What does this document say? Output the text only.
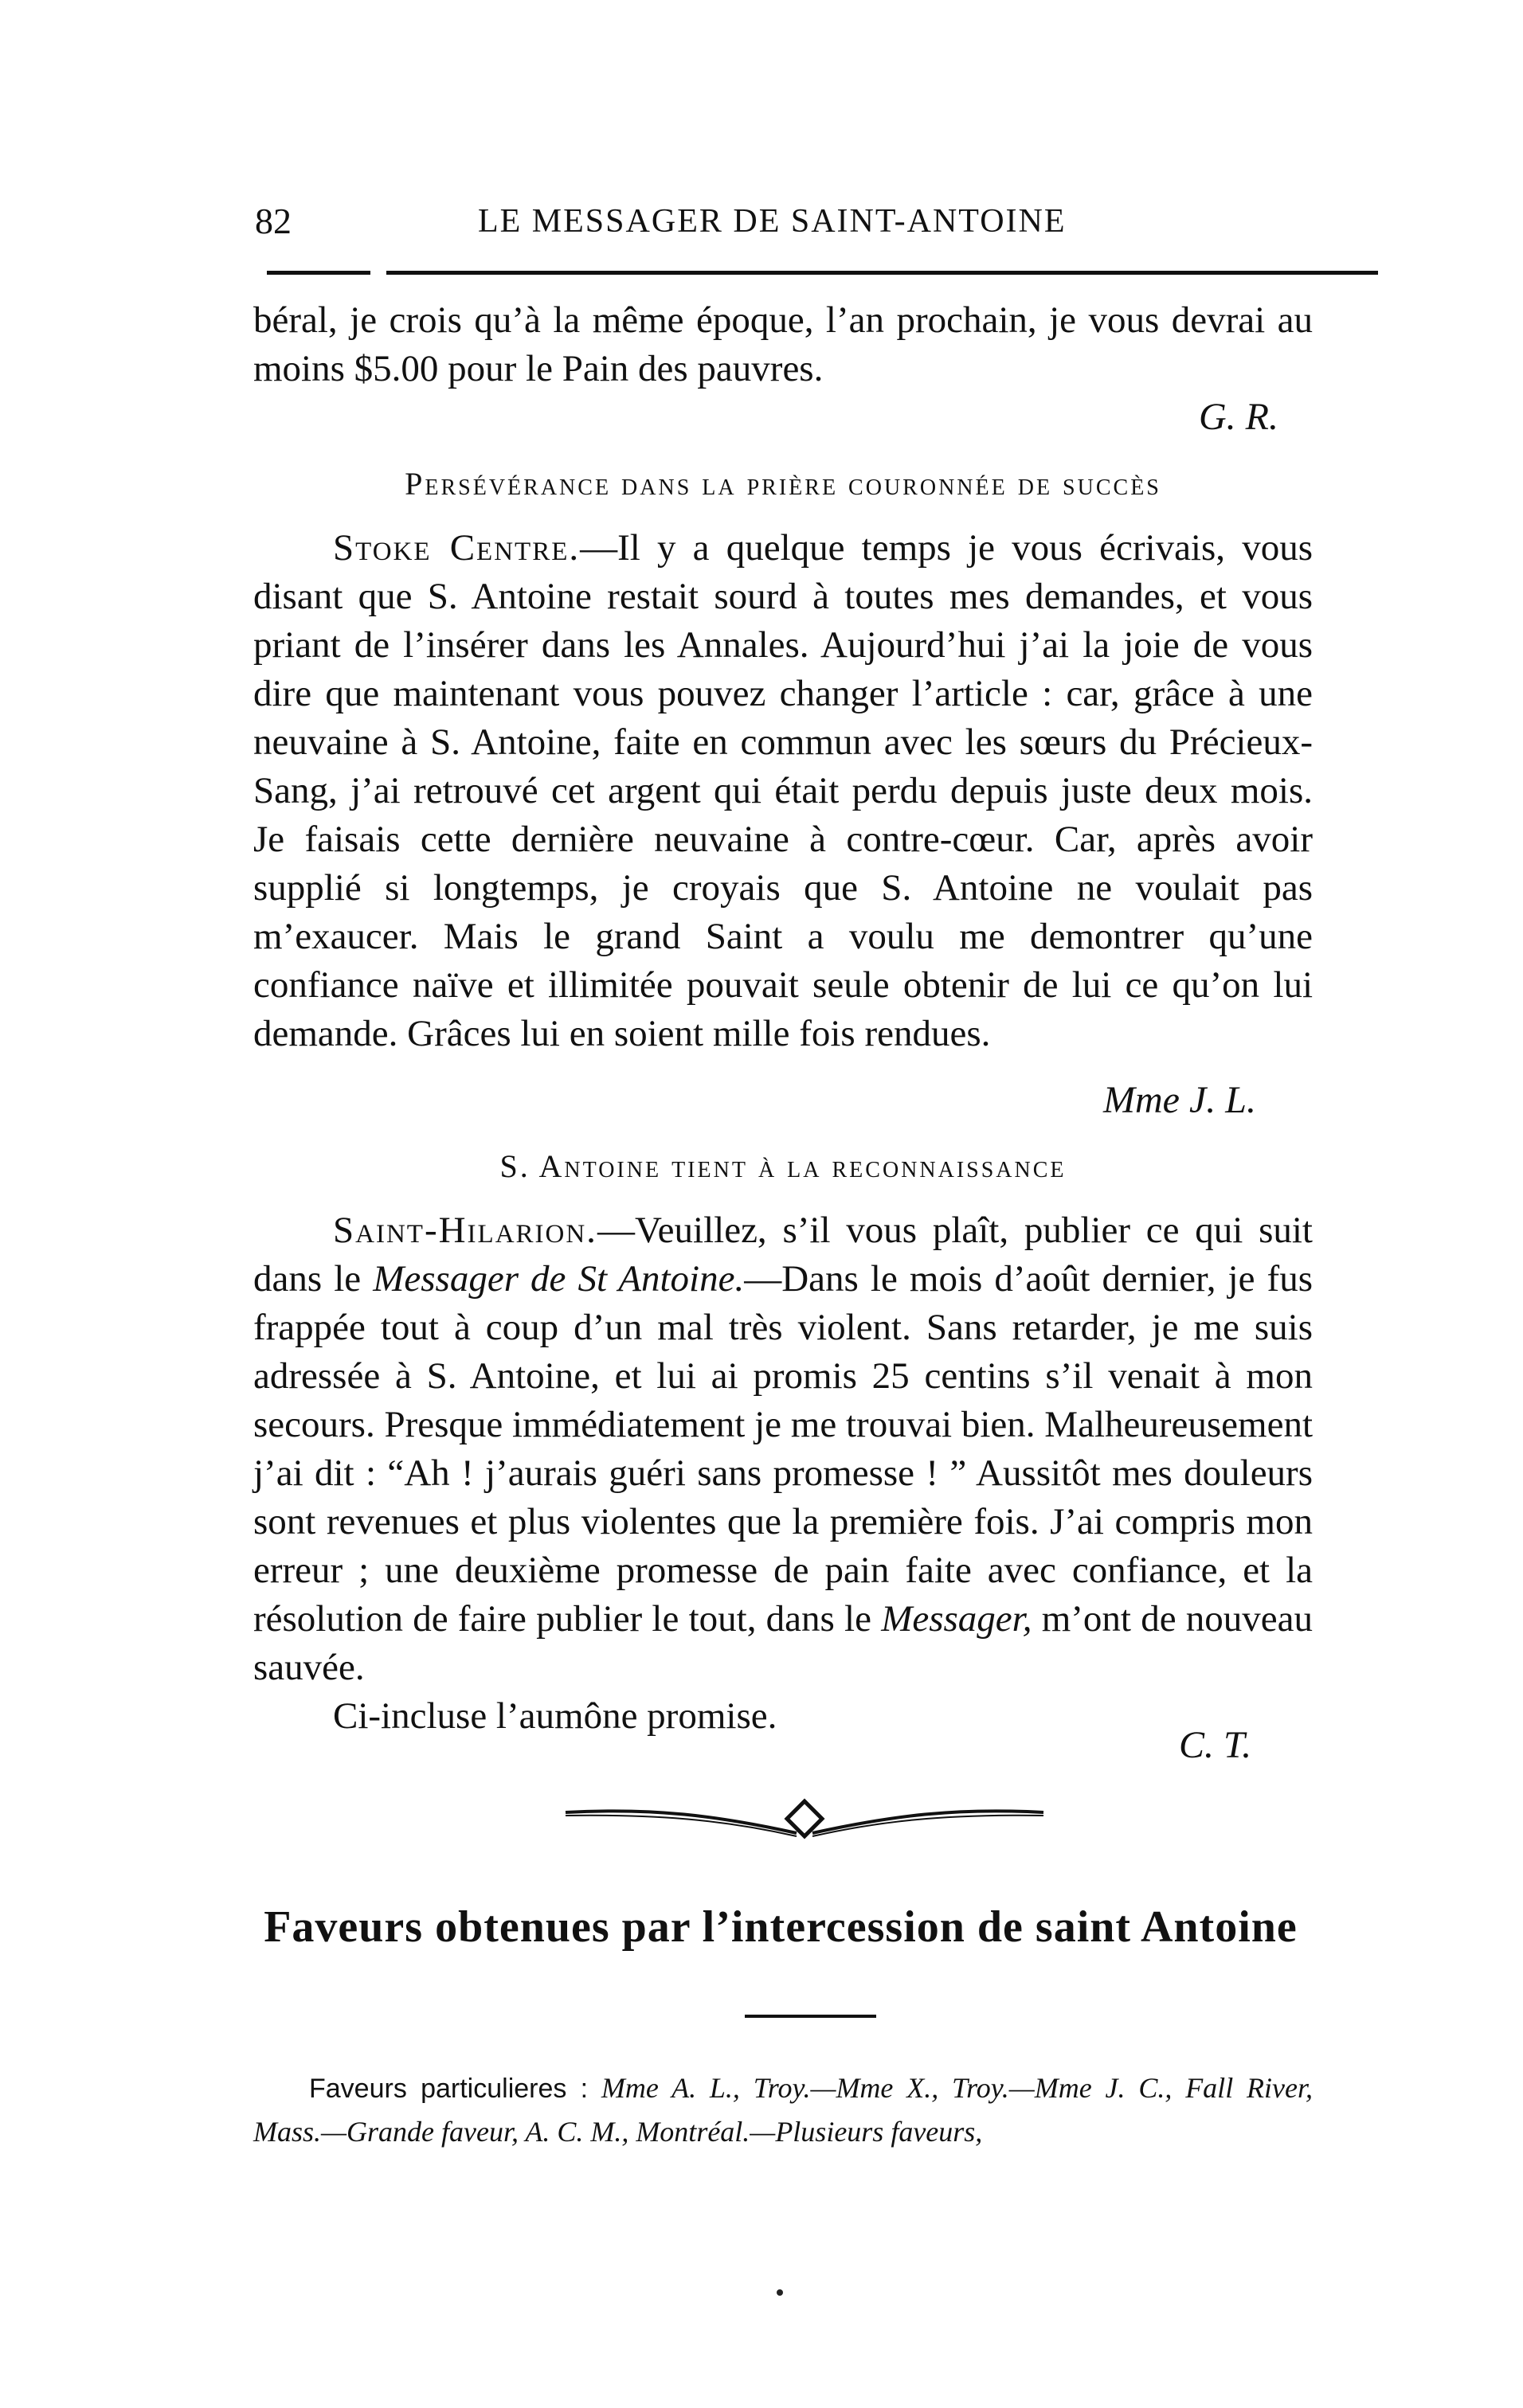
82	LE MESSAGER DE SAINT-ANTOINE

béral, je crois qu’à la même époque, l’an prochain, je vous devrai au moins $5.00 pour le Pain des pauvres.

G. R.
Persévérance dans la prière couronnée de succès

Stoke Centre.—Il y a quelque temps je vous écrivais, vous disant que S. Antoine restait sourd à toutes mes demandes, et vous priant de l’insérer dans les Annales. Aujourd’hui j’ai la joie de vous dire que maintenant vous pouvez changer l’article : car, grâce à une neuvaine à S. Antoine, faite en commun avec les sœurs du Précieux-Sang, j’ai retrouvé cet argent qui était perdu depuis juste deux mois. Je faisais cette dernière neuvaine à contre-cœur. Car, après avoir supplié si longtemps, je croyais que S. Antoine ne voulait pas m’exaucer. Mais le grand Saint a voulu me demontrer qu’une confiance naïve et illimitée pouvait seule obtenir de lui ce qu’on lui demande. Grâces lui en soient mille fois rendues.

Mme J. L.
S. Antoine tient à la reconnaissance

Saint-Hilarion.—Veuillez, s’il vous plaît, publier ce qui suit dans le Messager de St Antoine.—Dans le mois d’août dernier, je fus frappée tout à coup d’un mal très violent. Sans retarder, je me suis adressée à S. Antoine, et lui ai promis 25 centins s’il venait à mon secours. Presque immédiatement je me trouvai bien. Malheureusement j’ai dit : “Ah ! j’aurais guéri sans promesse ! ” Aussitôt mes douleurs sont revenues et plus violentes que la première fois. J’ai compris mon erreur ; une deuxième promesse de pain faite avec confiance, et la résolution de faire publier le tout, dans le Messager, m’ont de nouveau sauvée.

Ci-incluse l’aumône promise.

C. T.
Faveurs obtenues par l’intercession de saint Antoine
Faveurs particulieres : Mme A. L., Troy.—Mme X., Troy.—Mme J. C., Fall River, Mass.—Grande faveur, A. C. M., Montréal.—Plusieurs faveurs,
